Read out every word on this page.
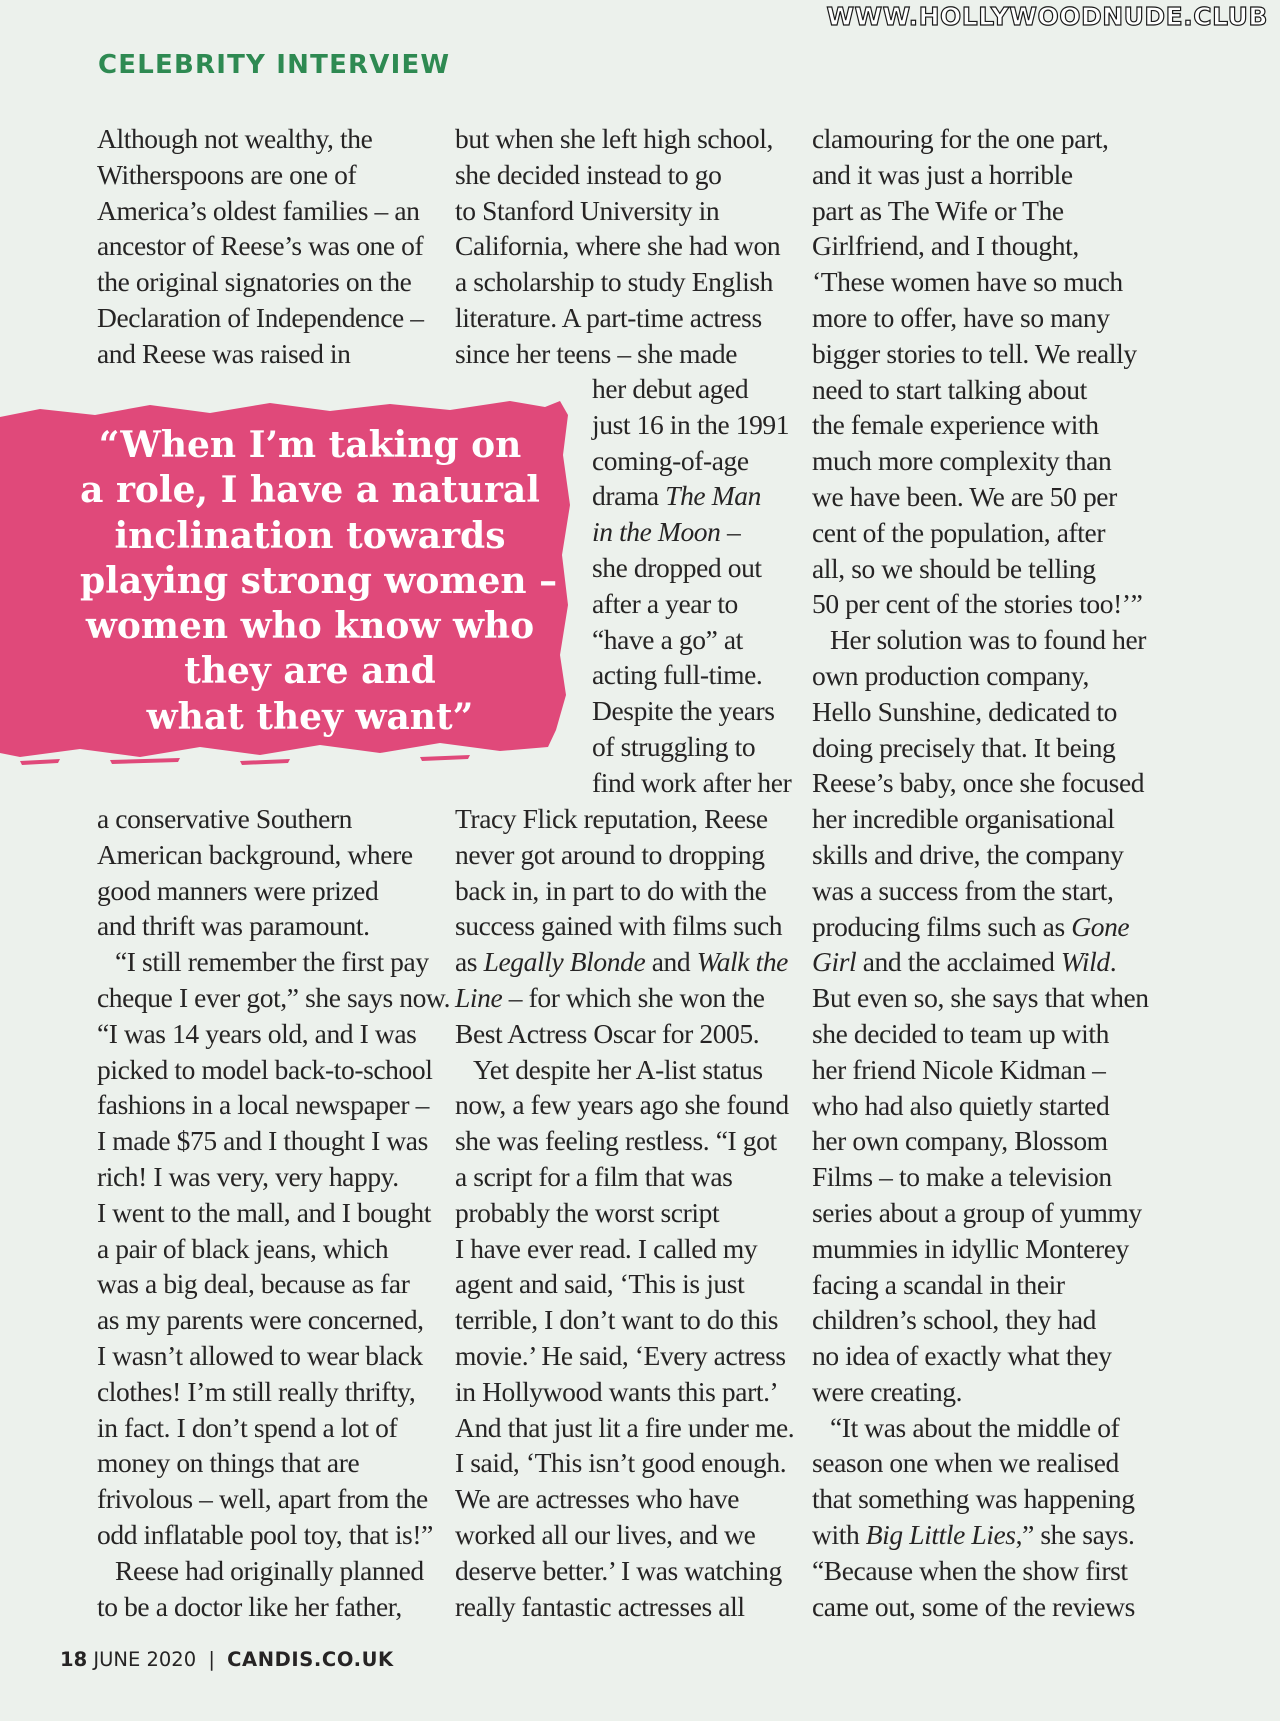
WWW.HOLLYWOODNUDE.CLUB
CELEBRITY INTERVIEW
“When I’m taking on
a role, I have a natural
inclination towards
playing strong women –
women who know who
they are and
what they want”

Although not wealthy, the

Witherspoons are one of

America’s oldest families – an

ancestor of Reese’s was one of

the original signatories on the

Declaration of Independence –

and Reese was raised in

a conservative Southern

American background, where

good manners were prized

and thrift was paramount.

“I still remember the first pay

cheque I ever got,” she says now.

“I was 14 years old, and I was

picked to model back-to-school

fashions in a local newspaper –

I made $75 and I thought I was

rich! I was very, very happy.

I went to the mall, and I bought

a pair of black jeans, which

was a big deal, because as far

as my parents were concerned,

I wasn’t allowed to wear black

clothes! I’m still really thrifty,

in fact. I don’t spend a lot of

money on things that are

frivolous – well, apart from the

odd inflatable pool toy, that is!”

Reese had originally planned

to be a doctor like her father,

but when she left high school,

she decided instead to go

to Stanford University in

California, where she had won

a scholarship to study English

literature. A part-time actress

since her teens – she made

her debut aged

just 16 in the 1991

coming-of-age

drama The Man

in the Moon –

she dropped out

after a year to

“have a go” at

acting full-time.

Despite the years

of struggling to

find work after her

Tracy Flick reputation, Reese

never got around to dropping

back in, in part to do with the

success gained with films such

as Legally Blonde and Walk the

Line – for which she won the

Best Actress Oscar for 2005.

Yet despite her A-list status

now, a few years ago she found

she was feeling restless. “I got

a script for a film that was

probably the worst script

I have ever read. I called my

agent and said, ‘This is just

terrible, I don’t want to do this

movie.’ He said, ‘Every actress

in Hollywood wants this part.’

And that just lit a fire under me.

I said, ‘This isn’t good enough.

We are actresses who have

worked all our lives, and we

deserve better.’ I was watching

really fantastic actresses all

clamouring for the one part,

and it was just a horrible

part as The Wife or The

Girlfriend, and I thought,

‘These women have so much

more to offer, have so many

bigger stories to tell. We really

need to start talking about

the female experience with

much more complexity than

we have been. We are 50 per

cent of the population, after

all, so we should be telling

50 per cent of the stories too!’”

Her solution was to found her

own production company,

Hello Sunshine, dedicated to

doing precisely that. It being

Reese’s baby, once she focused

her incredible organisational

skills and drive, the company

was a success from the start,

producing films such as Gone

Girl and the acclaimed Wild.

But even so, she says that when

she decided to team up with

her friend Nicole Kidman –

who had also quietly started

her own company, Blossom

Films – to make a television

series about a group of yummy

mummies in idyllic Monterey

facing a scandal in their

children’s school, they had

no idea of exactly what they

were creating.

“It was about the middle of

season one when we realised

that something was happening

with Big Little Lies,” she says.

“Because when the show first

came out, some of the reviews

18 JUNE 2020 | CANDIS.CO.UK
